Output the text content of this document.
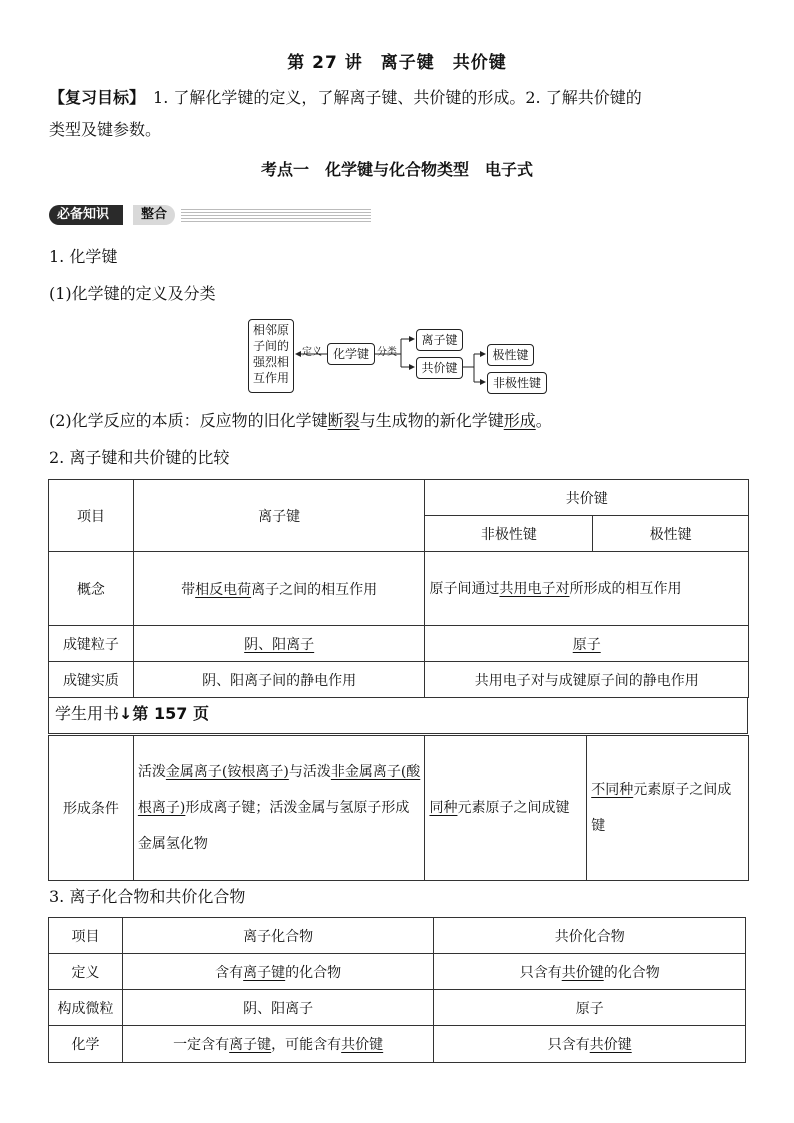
第 27 讲　离子键　共价键
【复习目标】　1. 了解化学键的定义，了解离子键、共价键的形成。2. 了解共价键的
类型及键参数。
考点一　化学键与化合物类型　电子式
必备知识	整合
1. 化学键
(1)化学键的定义及分类
相邻原
子间的
强烈相
互作用
定义 化学键 分类
离子键
共价键
极性键
非极性键
(2)化学反应的本质：反应物的旧化学键断裂与生成物的新化学键形成。
2. 离子键和共价键的比较
项目	离子键	共价键	
		非极性键	极性键
概念	带相反电荷离子之间的相互作用	原子间通过共用电子对所形成的相互作用	
成键粒子	阴、阳离子	原子	
成键实质	阴、阳离子间的静电作用	共用电子对与成键原子间的静电作用	
学生用书↓第 157 页
形成条件	活泼金属离子(铵根离子)与活泼非金属离子(酸根离子)形成离子键；活泼金属与氢原子形成金属氢化物	同种元素原子之间成键	不同种元素原子之间成键
3. 离子化合物和共价化合物
项目	离子化合物	共价化合物
定义	含有离子键的化合物	只含有共价键的化合物
构成微粒	阴、阳离子	原子
化学	一定含有离子键，可能含有共价键	只含有共价键
